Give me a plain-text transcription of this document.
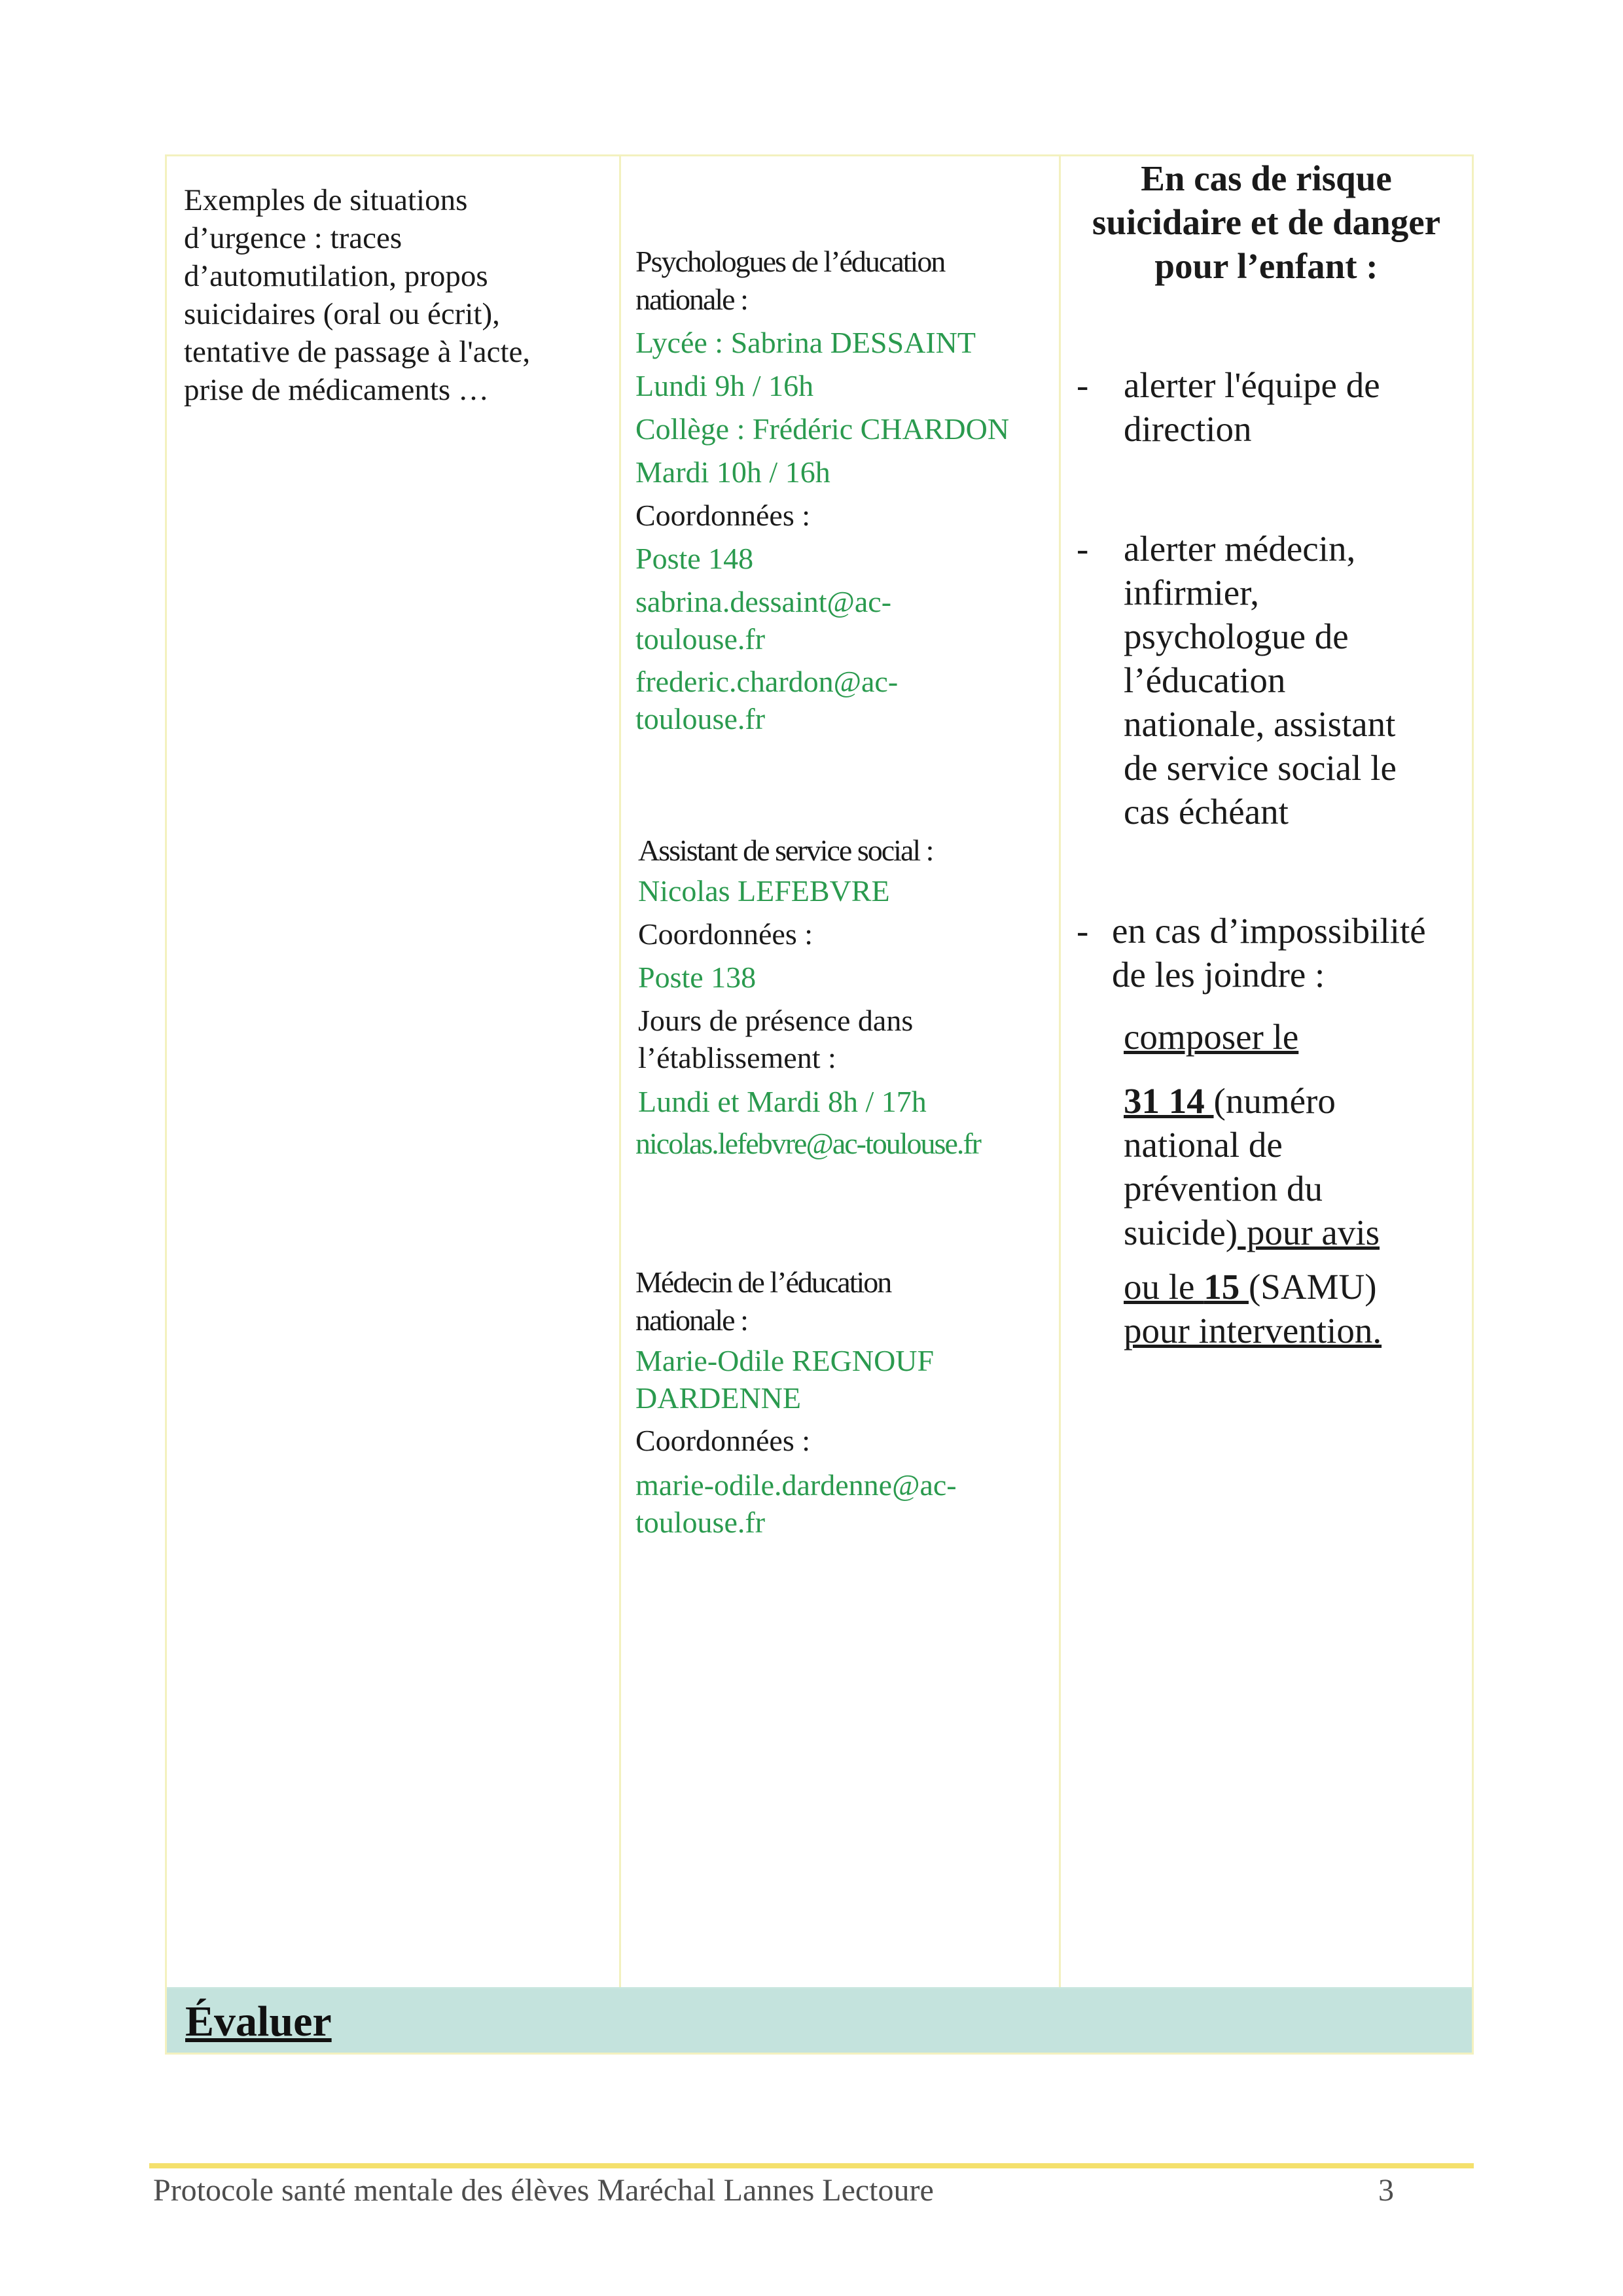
Exemples de situations
d’urgence : traces
d’automutilation, propos
suicidaires (oral ou écrit),
tentative de passage à l'acte,
prise de médicaments …
Psychologues de l’éducation
nationale :
Lycée : Sabrina DESSAINT
Lundi 9h / 16h
Collège : Frédéric CHARDON
Mardi 10h / 16h
Coordonnées :
Poste 148
sabrina.dessaint@ac-
toulouse.fr
frederic.chardon@ac-
toulouse.fr
Assistant de service social :
Nicolas LEFEBVRE
Coordonnées :
Poste 138
Jours de présence dans
l’établissement :
Lundi et Mardi 8h / 17h
nicolas.lefebvre@ac-toulouse.fr
Médecin de l’éducation
nationale :
Marie-Odile REGNOUF
DARDENNE
Coordonnées :
marie-odile.dardenne@ac-
toulouse.fr
En cas de risque
suicidaire et de danger
pour l’enfant :
- alerter l'équipe de
direction
- alerter médecin,
infirmier,
psychologue de
l’éducation
nationale, assistant
de service social le
cas échéant
- en cas d’impossibilité
de les joindre :
composer le
31 14 (numéro
national de
prévention du
suicide) pour avis
ou le 15 (SAMU)
pour intervention.
Évaluer
Protocole santé mentale des élèves Maréchal Lannes Lectoure	3
